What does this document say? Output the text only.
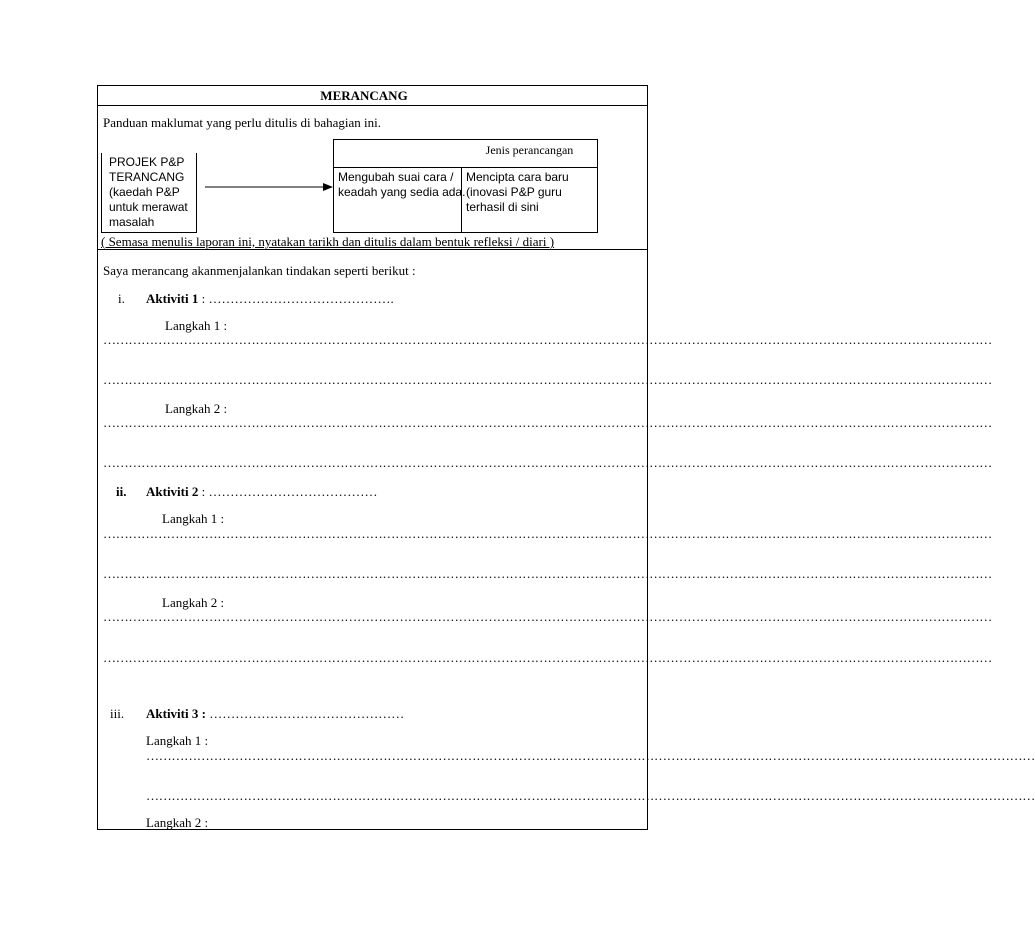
MERANCANG
Panduan maklumat yang perlu ditulis di bahagian ini.
PROJEK P&P
TERANCANG
(kaedah P&P
untuk merawat
masalah
Jenis perancangan
Mengubah suai cara /
keadah yang sedia ada.
Mencipta cara baru
(inovasi P&P guru
terhasil di sini
( Semasa menulis laporan ini, nyatakan tarikh dan ditulis dalam bentuk refleksi / diari )
Saya merancang akanmenjalankan tindakan seperti berikut :
i. Aktiviti 1 : …………………………………….
Langkah 1 :
…………………………………………………………………………………………………………………………………………………………………………………………
…………………………………………………………………………………………………………………………………………………………………………………………
Langkah 2 :
…………………………………………………………………………………………………………………………………………………………………………………………
…………………………………………………………………………………………………………………………………………………………………………………………
ii. Aktiviti 2 : …………………………………
Langkah 1 :
…………………………………………………………………………………………………………………………………………………………………………………………
…………………………………………………………………………………………………………………………………………………………………………………………
Langkah 2 :
…………………………………………………………………………………………………………………………………………………………………………………………
…………………………………………………………………………………………………………………………………………………………………………………………
iii. Aktiviti 3 : ………………………………………
Langkah 1 :
…………………………………………………………………………………………………………………………………………………………………………………………
…………………………………………………………………………………………………………………………………………………………………………………………
Langkah 2 :
